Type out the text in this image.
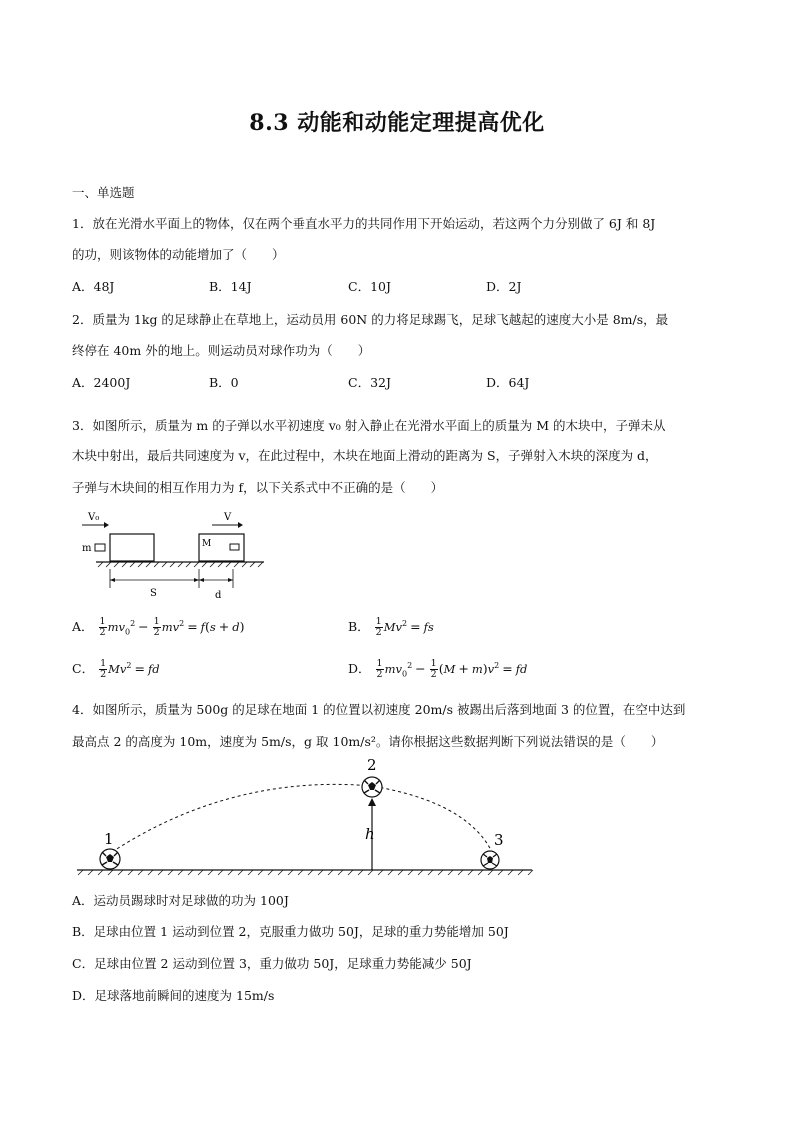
8.3 动能和动能定理提高优化
一、单选题
1．放在光滑水平面上的物体，仅在两个垂直水平力的共同作用下开始运动，若这两个力分别做了 6J 和 8J
的功，则该物体的动能增加了（　　）
A．48J	B．14J	C．10J	D．2J
2．质量为 1kg 的足球静止在草地上，运动员用 60N 的力将足球踢飞，足球飞越起的速度大小是 8m/s，最
终停在 40m 外的地上。则运动员对球作功为（　　）
A．2400J	B．0	C．32J	D．64J
3．如图所示，质量为 m 的子弹以水平初速度 v₀ 射入静止在光滑水平面上的质量为 M 的木块中，子弹未从
木块中射出，最后共同速度为 v，在此过程中，木块在地面上滑动的距离为 S，子弹射入木块的深度为 d，
子弹与木块间的相互作用力为 f，以下关系式中不正确的是（　　）
V₀
m
V
M
S	d
A． $\frac{1}{2} mv_0^2 - \frac{1}{2} mv^2 = f(s + d)$	B． $\frac{1}{2} Mv^2$ = fs
C． $\frac{1}{2} Mv^2$ = fd	D． $\frac{1}{2} mv_0^2 - \frac{1}{2} (M + m)v^2$ = fd
4．如图所示，质量为 500g 的足球在地面 1 的位置以初速度 20m/s 被踢出后落到地面 3 的位置，在空中达到
最高点 2 的高度为 10m，速度为 5m/s，g 取 10m/s²。请你根据这些数据判断下列说法错误的是（　　）
1
2
3
h
A．运动员踢球时对足球做的功为 100J
B．足球由位置 1 运动到位置 2，克服重力做功 50J，足球的重力势能增加 50J
C．足球由位置 2 运动到位置 3，重力做功 50J，足球重力势能减少 50J
D．足球落地前瞬间的速度为 15m/s
